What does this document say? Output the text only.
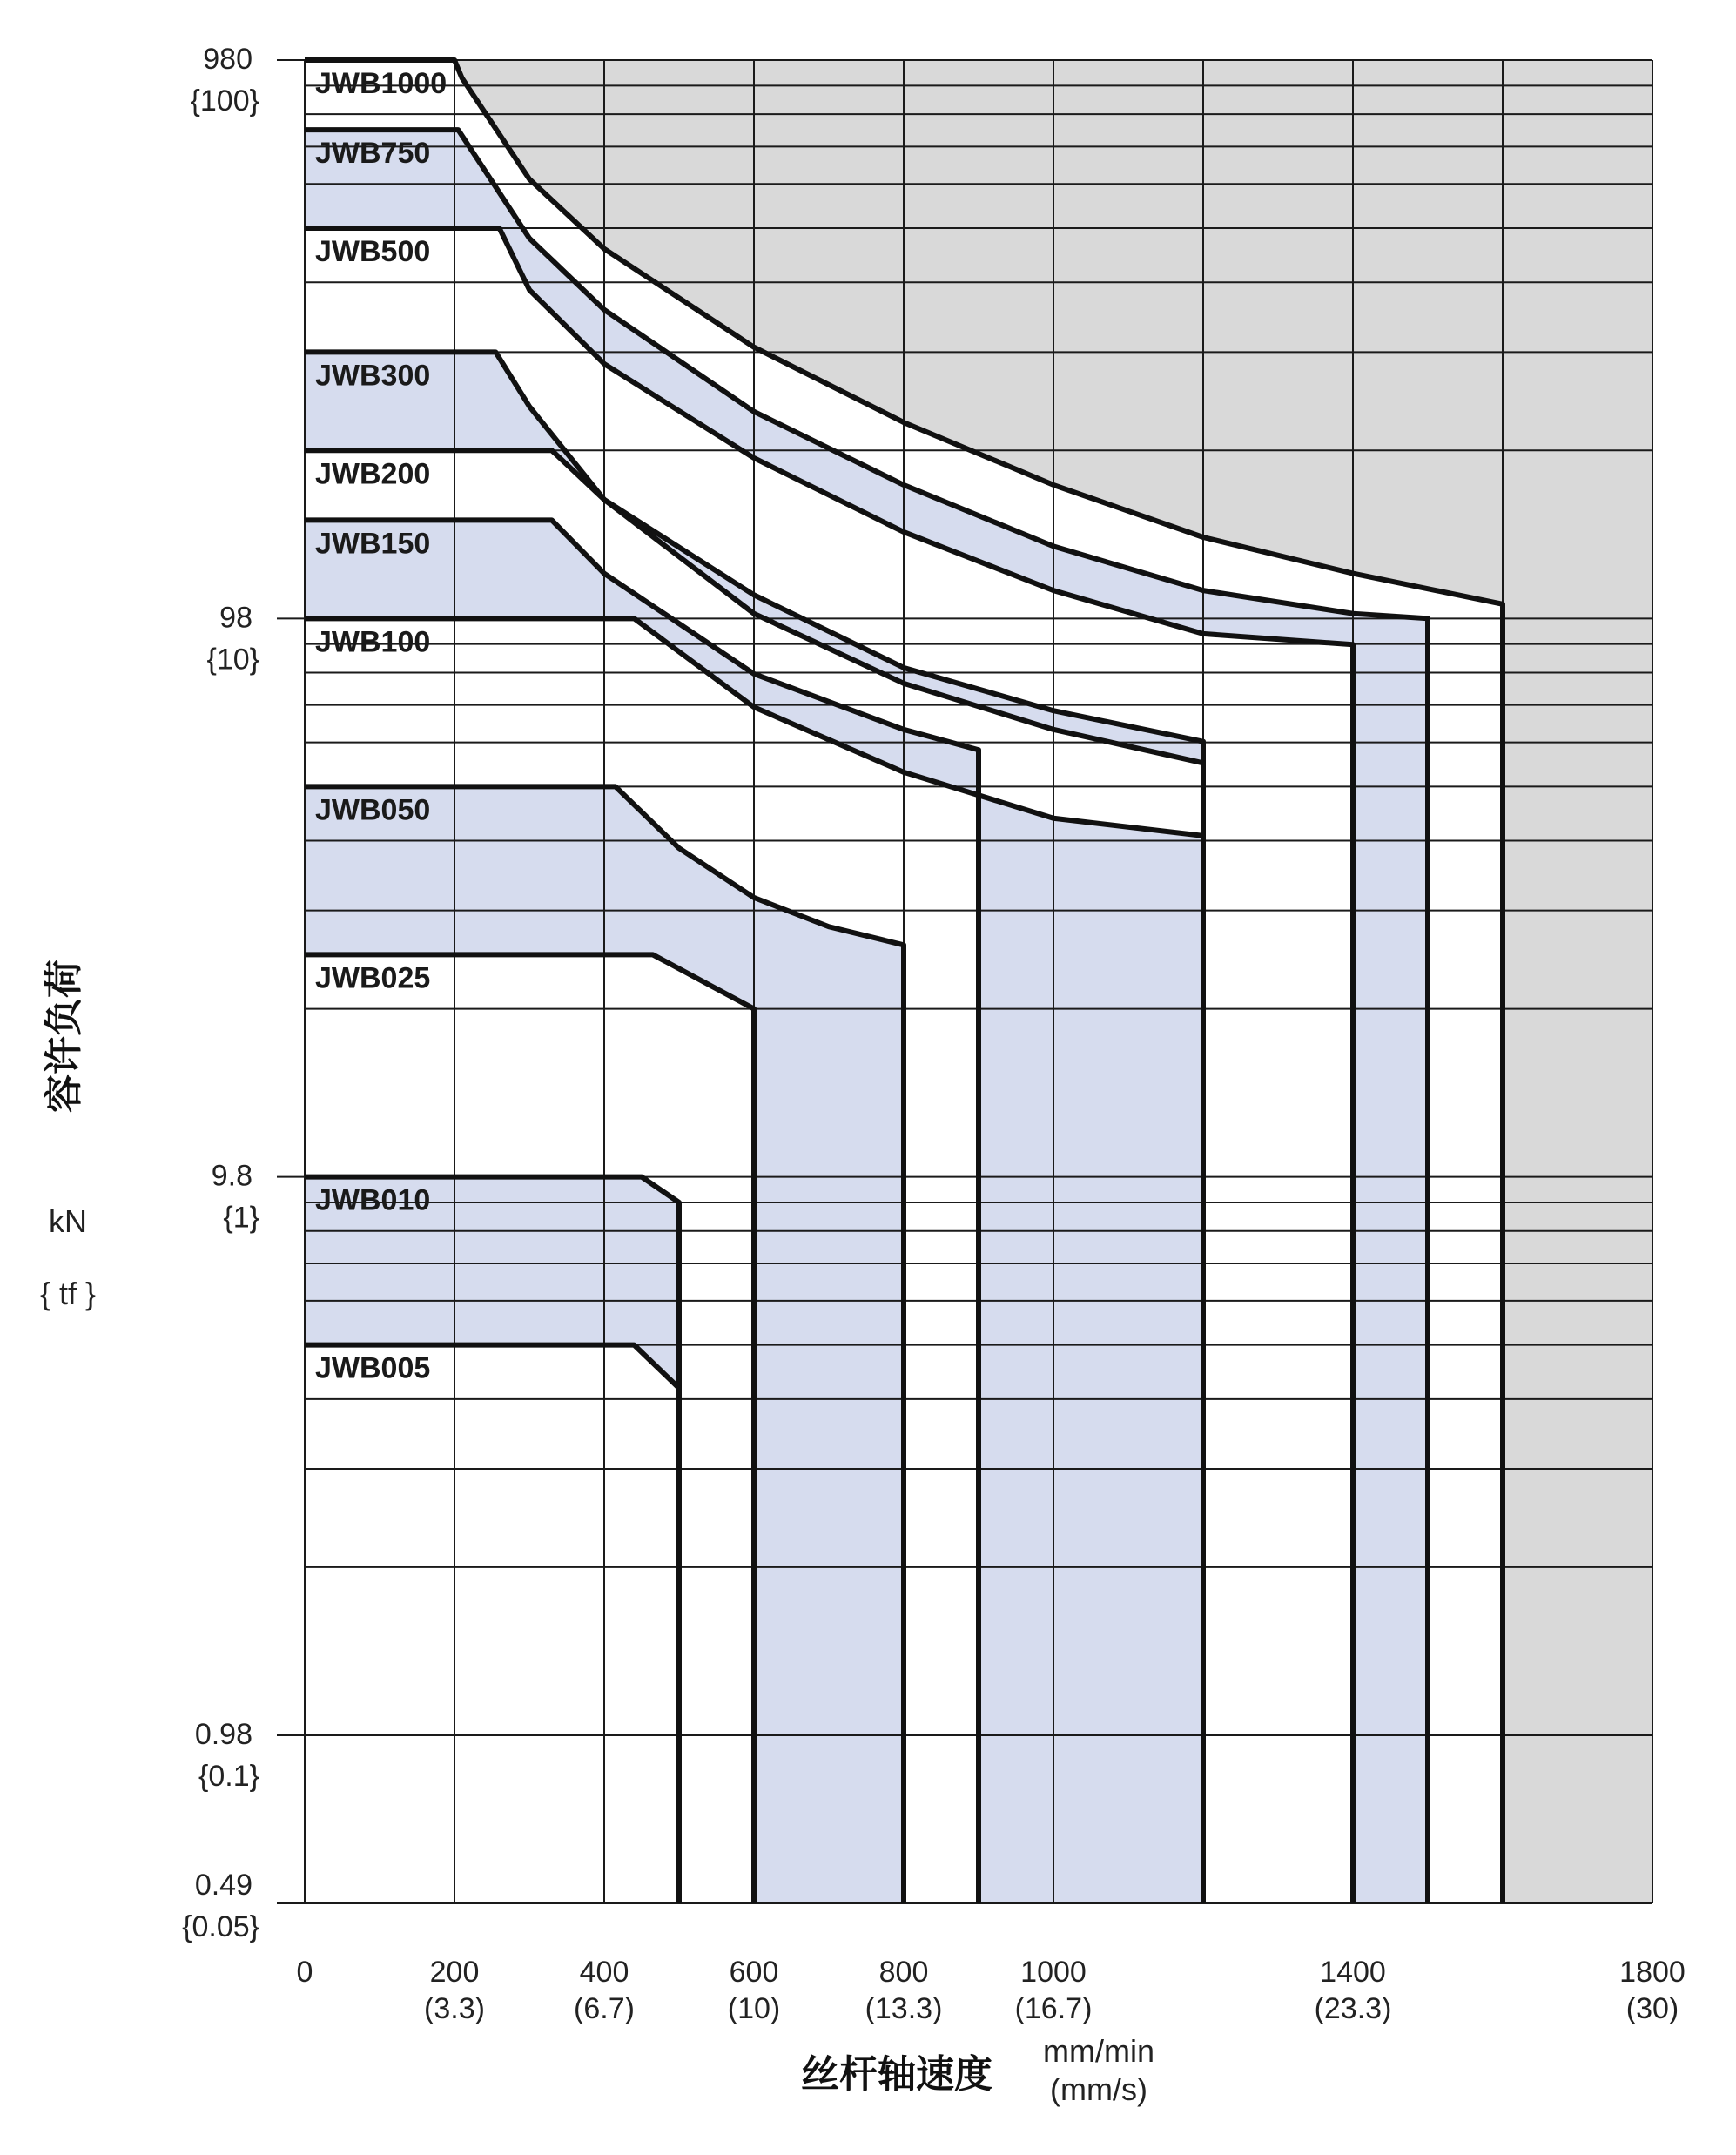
JWB1000
JWB750
JWB500
JWB300
JWB200
JWB150
JWB100
JWB050
JWB025
JWB010
JWB005
0	200
(3.3)
400
(6.7)
600
(10)
800
(13.3)
1000
(16.7)
1400
(23.3)
1800
(30)
980
{100}
98
{10}
9.8
{1}
0.98
{0.1}
0.49
{0.05}
容许负荷
kN
{ tf }
丝杆轴速度
mm/min
(mm/s)
